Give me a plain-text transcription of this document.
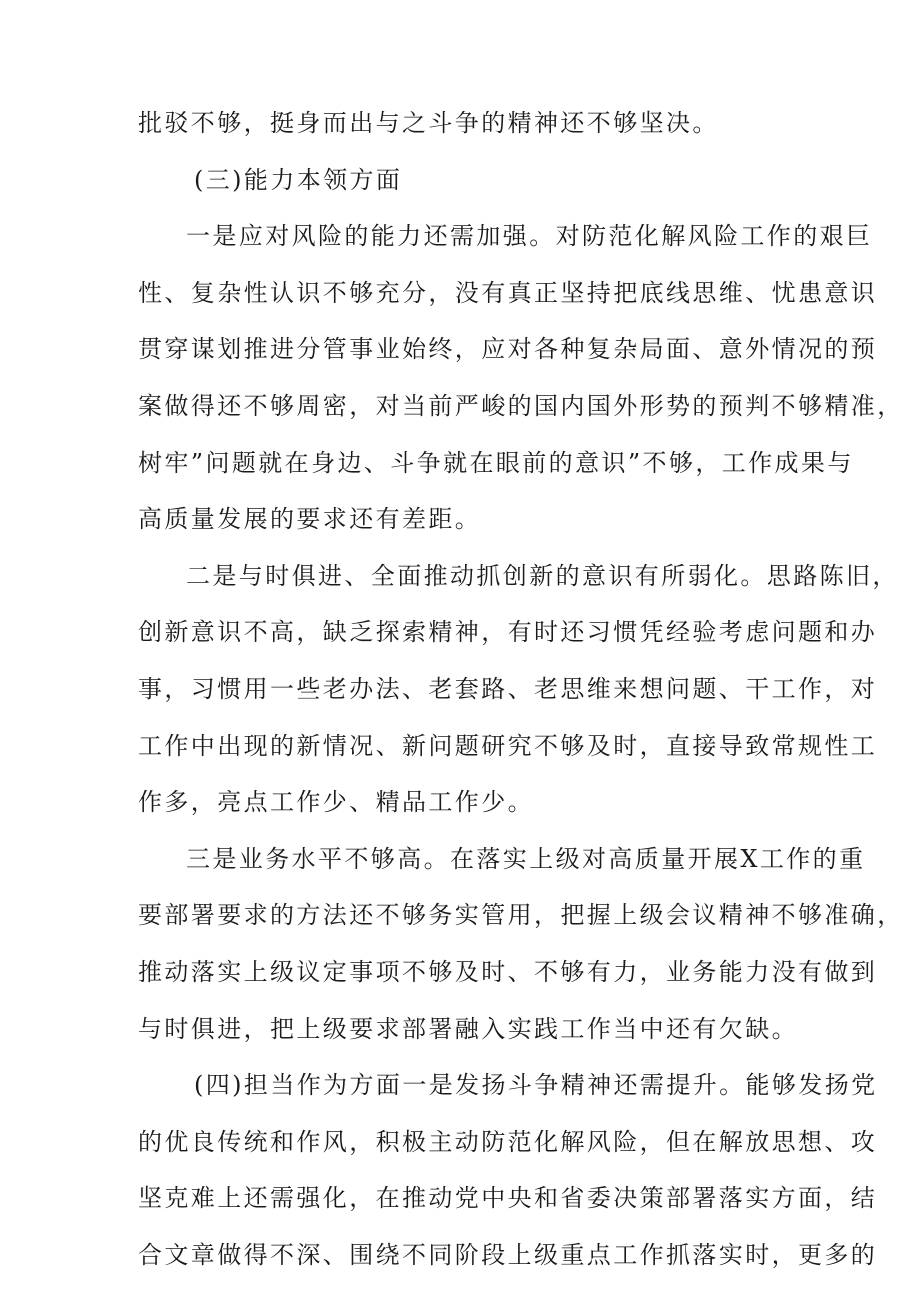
批驳不够，挺身而出与之斗争的精神还不够坚决。
(三)能力本领方面
一是应对风险的能力还需加强。对防范化解风险工作的艰巨
性、复杂性认识不够充分，没有真正坚持把底线思维、忧患意识
贯穿谋划推进分管事业始终，应对各种复杂局面、意外情况的预
案做得还不够周密，对当前严峻的国内国外形势的预判不够精准，
树牢”问题就在身边、斗争就在眼前的意识”不够，工作成果与
高质量发展的要求还有差距。
二是与时俱进、全面推动抓创新的意识有所弱化。思路陈旧，
创新意识不高，缺乏探索精神，有时还习惯凭经验考虑问题和办
事，习惯用一些老办法、老套路、老思维来想问题、干工作，对
工作中出现的新情况、新问题研究不够及时，直接导致常规性工
作多，亮点工作少、精品工作少。
三是业务水平不够高。在落实上级对高质量开展X工作的重
要部署要求的方法还不够务实管用，把握上级会议精神不够准确，
推动落实上级议定事项不够及时、不够有力，业务能力没有做到
与时俱进，把上级要求部署融入实践工作当中还有欠缺。
(四)担当作为方面一是发扬斗争精神还需提升。能够发扬党
的优良传统和作风，积极主动防范化解风险，但在解放思想、攻
坚克难上还需强化，在推动党中央和省委决策部署落实方面，结
合文章做得不深、围绕不同阶段上级重点工作抓落实时，更多的
